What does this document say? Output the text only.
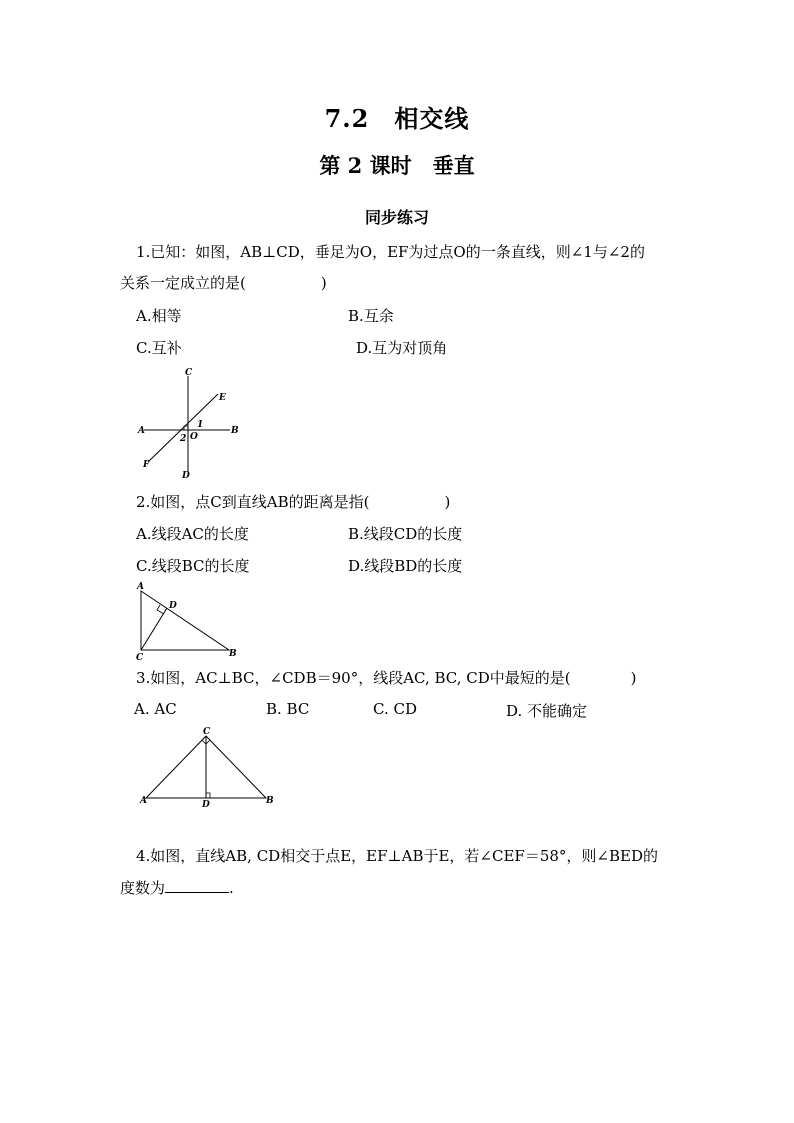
7.2　相交线
第 2 课时　垂直
同步练习
1.已知：如图，AB⊥CD，垂足为O，EF为过点O的一条直线，则∠1与∠2的
关系一定成立的是(　　　　　)
A.相等	B.互余
C.互补	D.互为对顶角
A	B
C
D
E
F
O
1
2
2.如图，点C到直线AB的距离是指(　　　　　)
A.线段AC的长度	B.线段CD的长度
C.线段BC的长度	D.线段BD的长度
A
B
C
D
3.如图，AC⊥BC，∠CDB＝90°，线段AC, BC, CD中最短的是(　　　　)
A. AC	B. BC	C. CD	D. 不能确定
A	B
C
D
4.如图，直线AB, CD相交于点E，EF⊥AB于E，若∠CEF＝58°，则∠BED的
度数为	.
